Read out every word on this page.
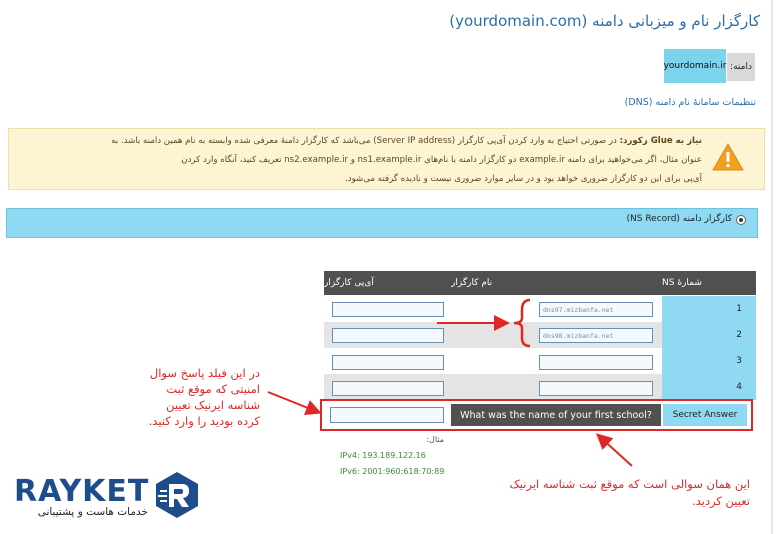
کارگزار نام و میزبانی دامنه (yourdomain.com)
دامنه:
yourdomain.ir
تنظیمات سامانهٔ نام دامنه (DNS)
نیاز به Glue رکورد: در صورتی احتیاج به وارد کردن آی‌پی کارگزار (Server IP address) می‌باشد که کارگزار دامنهٔ معرفی شده وابسته به نام همین دامنه باشد. به
عنوان مثال، اگر می‌خواهید برای دامنه example.ir دو کارگزار دامنه با نام‌های ns1.example.ir و ns2.example.ir تعریف کنید، آنگاه وارد کردن
آی‌پی برای این دو کارگزار ضروری خواهد بود و در سایر موارد ضروری نیست و نادیده گرفته می‌شود.
کارگزار دامنه (NS Record)
شمارهٔ NS
نام کارگزار
آی‌پی کارگزار
1
dns97.mizbanfa.net
2
dns98.mizbanfa.net
3
4
Secret Answer
What was the name of your first school?
مثال:
IPv4: 193.189.122.16
IPv6: 2001:960:618:70:89
در این فیلد پاسخ سوال امنیتی که موقع ثبت شناسه ایرنیک تعیین کرده بودید را وارد کنید.
این همان سوالی است که موقع ثبت شناسه ایرنیک تعیین کردید.
RAYKET
خدمات هاست و پشتیبانی
